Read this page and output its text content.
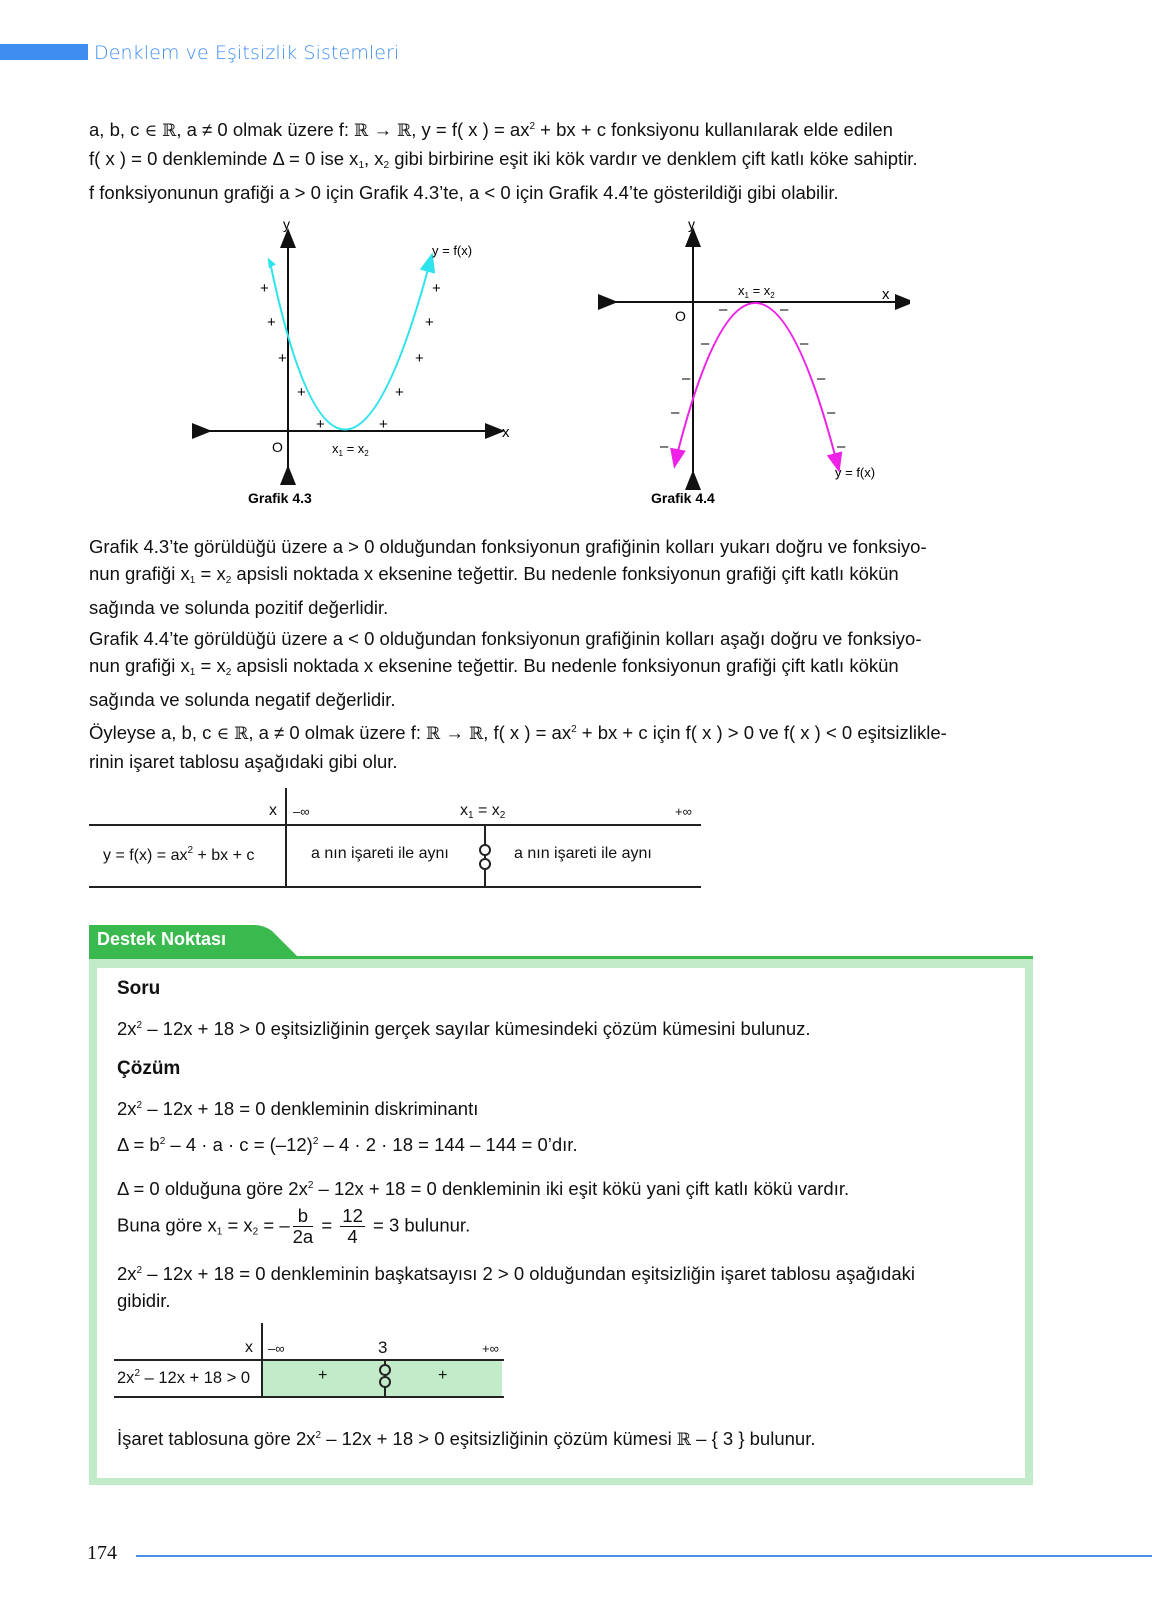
Denklem ve Eşitsizlik Sistemleri

a, b, c ∈ ℝ, a ≠ 0 olmak üzere f: ℝ → ℝ, y = f( x ) = $ax^2$ + bx + c fonksiyonu kullanılarak elde edilen

f( x ) = 0 denkleminde Δ = 0 ise $x_1$, $x_2$ gibi birbirine eşit iki kök vardır ve denklem çift katlı köke sahiptir.

f fonksiyonunun grafiği a > 0 için Grafik 4.3’te, a < 0 için Grafik 4.4’te gösterildiği gibi olabilir.

y
x
O
y = f(x)
$x_1 = x_2$
+
+
+
+
+	+
+
+
+
+
Grafik 4.3
y
x
O
y = f(x)
$x_1 = x_2$
–	–
–	–
–	–
–	–
–	–
Grafik 4.4

Grafik 4.3’te görüldüğü üzere a > 0 olduğundan fonksiyonun grafiğinin kolları yukarı doğru ve fonksiyo-

nun grafiği $x_1 = x_2$ apsisli noktada x eksenine teğettir. Bu nedenle fonksiyonun grafiği çift katlı kökün

sağında ve solunda pozitif değerlidir.

Grafik 4.4’te görüldüğü üzere a < 0 olduğundan fonksiyonun grafiğinin kolları aşağı doğru ve fonksiyo-

nun grafiği $x_1 = x_2$ apsisli noktada x eksenine teğettir. Bu nedenle fonksiyonun grafiği çift katlı kökün

sağında ve solunda negatif değerlidir.

Öyleyse a, b, c ∈ ℝ, a ≠ 0 olmak üzere f: ℝ → ℝ, f( x ) = $ax^2$ + bx + c için f( x ) > 0 ve f( x ) < 0 eşitsizlikle-

rinin işaret tablosu aşağıdaki gibi olur.

x –∞	$x_1 = x_2$	+∞
$y = f(x) = ax^2$ + bx + c	a nın işareti ile aynı	a nın işareti ile aynı
Destek Noktası
Soru
$2x^2 - 12x + 18 > 0$ eşitsizliğinin gerçek sayılar kümesindeki çözüm kümesini bulunuz.
Çözüm
$2x^2 - 12x + 18 = 0$ denkleminin diskriminantı
$\Delta = b^2 - 4 \cdot a \cdot c = (-12)^2 - 4 \cdot 2 \cdot 18 = 144 - 144$ = 0’dır.
Δ = 0 olduğuna göre $2x^2 - 12x + 18 = 0$ denkleminin iki eşit kökü yani çift katlı kökü vardır.
Buna göre $x_1 = x_2$ = – $\frac{b}{2a} = \frac{12}{4} = 3$ bulunur.
$2x^2 - 12x + 18 = 0$ denkleminin başkatsayısı 2 > 0 olduğundan eşitsizliğin işaret tablosu aşağıdaki
gibidir.
x –∞	3	+∞
$2x^2 - 12x + 18 > 0$	+	+
İşaret tablosuna göre $2x^2 - 12x + 18 > 0$ eşitsizliğinin çözüm kümesi ℝ – { 3 } bulunur.
174
